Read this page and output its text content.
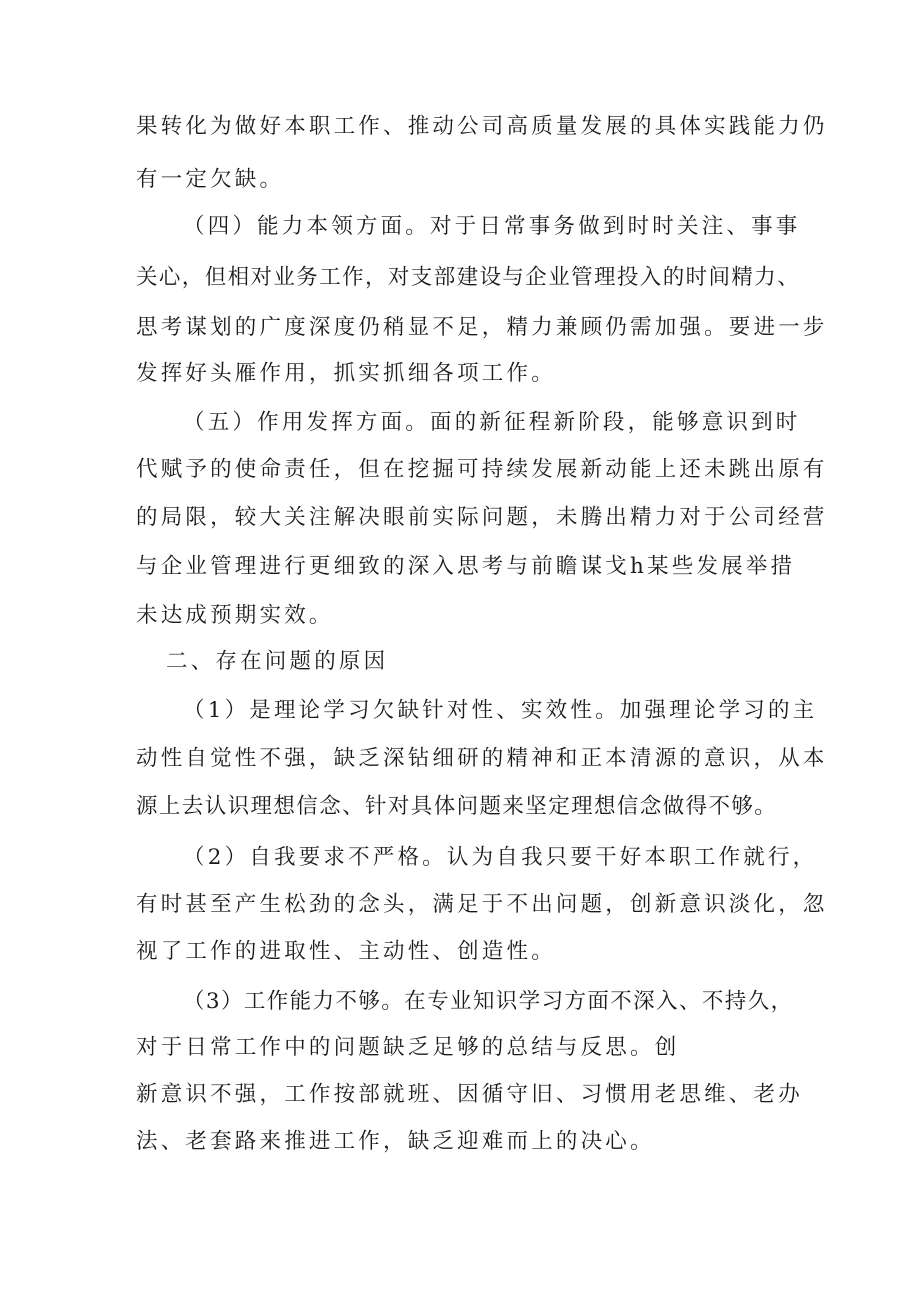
果转化为做好本职工作、推动公司高质量发展的具体实践能力仍
有一定欠缺。
（四）能力本领方面。对于日常事务做到时时关注、事事
关心，但相对业务工作，对支部建设与企业管理投入的时间精力、
思考谋划的广度深度仍稍显不足，精力兼顾仍需加强。要进一步
发挥好头雁作用，抓实抓细各项工作。
（五）作用发挥方面。面的新征程新阶段，能够意识到时
代赋予的使命责任，但在挖掘可持续发展新动能上还未跳出原有
的局限，较大关注解决眼前实际问题，未腾出精力对于公司经营
与企业管理进行更细致的深入思考与前瞻谋戈h某些发展举措
未达成预期实效。
二、存在问题的原因
（1）是理论学习欠缺针对性、实效性。加强理论学习的主
动性自觉性不强，缺乏深钻细研的精神和正本清源的意识，从本
源上去认识理想信念、针对具体问题来坚定理想信念做得不够。
（2）自我要求不严格。认为自我只要干好本职工作就行，
有时甚至产生松劲的念头，满足于不出问题，创新意识淡化，忽
视了工作的进取性、主动性、创造性。
（3）工作能力不够。在专业知识学习方面不深入、不持久，
对于日常工作中的问题缺乏足够的总结与反思。创
新意识不强，工作按部就班、因循守旧、习惯用老思维、老办
法、老套路来推进工作，缺乏迎难而上的决心。
